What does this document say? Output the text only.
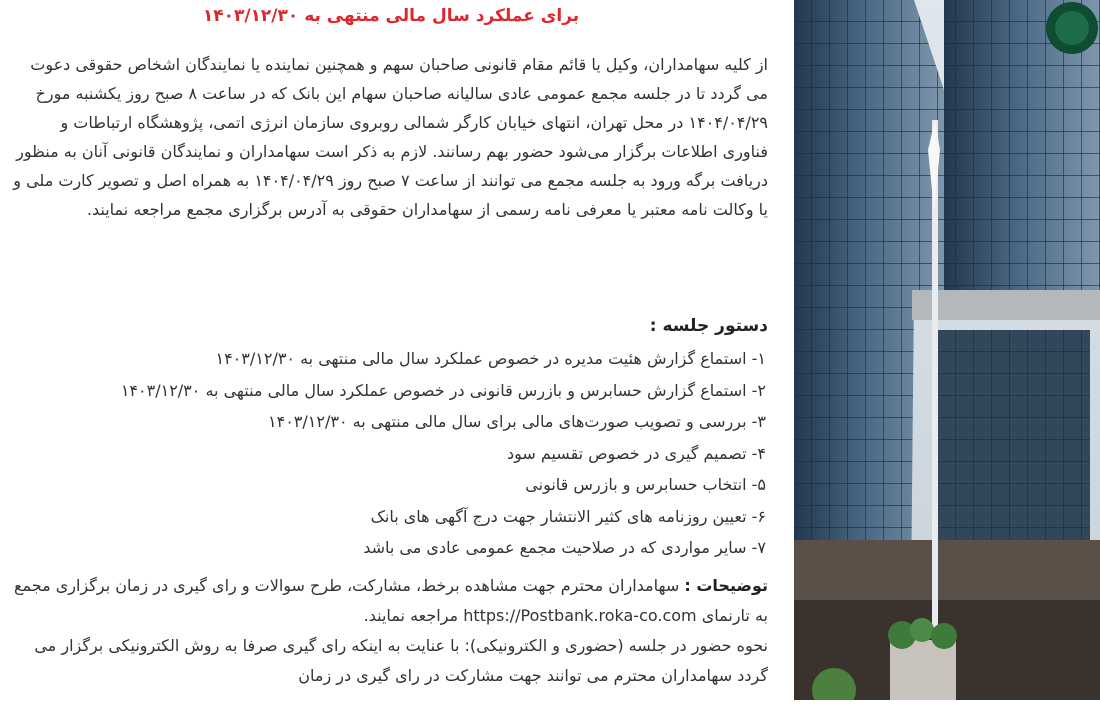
برای عملکرد سال مالی منتهی به ۱۴۰۳/۱۲/۳۰
از کلیه سهامداران، وکیل یا قائم مقام قانونی صاحبان سهم و همچنین نماینده یا نمایندگان اشخاص حقوقی دعوت می گردد تا در جلسه مجمع عمومی عادی سالیانه صاحبان سهام این بانک که در ساعت ۸ صبح روز یکشنبه مورخ ۱۴۰۴/۰۴/۲۹ در محل تهران، انتهای خیابان کارگر شمالی روبروی سازمان انرژی اتمی، پژوهشگاه ارتباطات و فناوری اطلاعات برگزار می‌شود حضور بهم رسانند. لازم به ذکر است سهامداران و نمایندگان قانونی آنان به منظور دریافت برگه ورود به جلسه مجمع می توانند از ساعت ۷ صبح روز ۱۴۰۴/۰۴/۲۹ به همراه اصل و تصویر کارت ملی و یا وکالت نامه معتبر یا معرفی نامه رسمی از سهامداران حقوقی به آدرس برگزاری مجمع مراجعه نمایند.
دستور جلسه :
۱- استماع گزارش هئیت مدیره در خصوص عملکرد سال مالی منتهی به ۱۴۰۳/۱۲/۳۰
۲- استماع گزارش حسابرس و بازرس قانونی در خصوص عملکرد سال مالی منتهی به ۱۴۰۳/۱۲/۳۰
۳- بررسی و تصویب صورت‌های مالی برای سال مالی منتهی به ۱۴۰۳/۱۲/۳۰
۴- تصمیم گیری در خصوص تقسیم سود
۵- انتخاب حسابرس و بازرس قانونی
۶- تعیین روزنامه های کثیر الانتشار جهت درج آگهی های بانک
۷- سایر مواردی که در صلاحیت مجمع عمومی عادی می باشد
توضیحات : سهامداران محترم جهت مشاهده برخط، مشارکت، طرح سوالات و رای گیری در زمان برگزاری مجمع به تارنمای https://Postbank.roka-co.com مراجعه نمایند.
نحوه حضور در جلسه (حضوری و الکترونیکی): با عنایت به اینکه رای گیری صرفا به روش الکترونیکی برگزار می گردد سهامداران محترم می توانند جهت مشارکت در رای گیری در زمان
